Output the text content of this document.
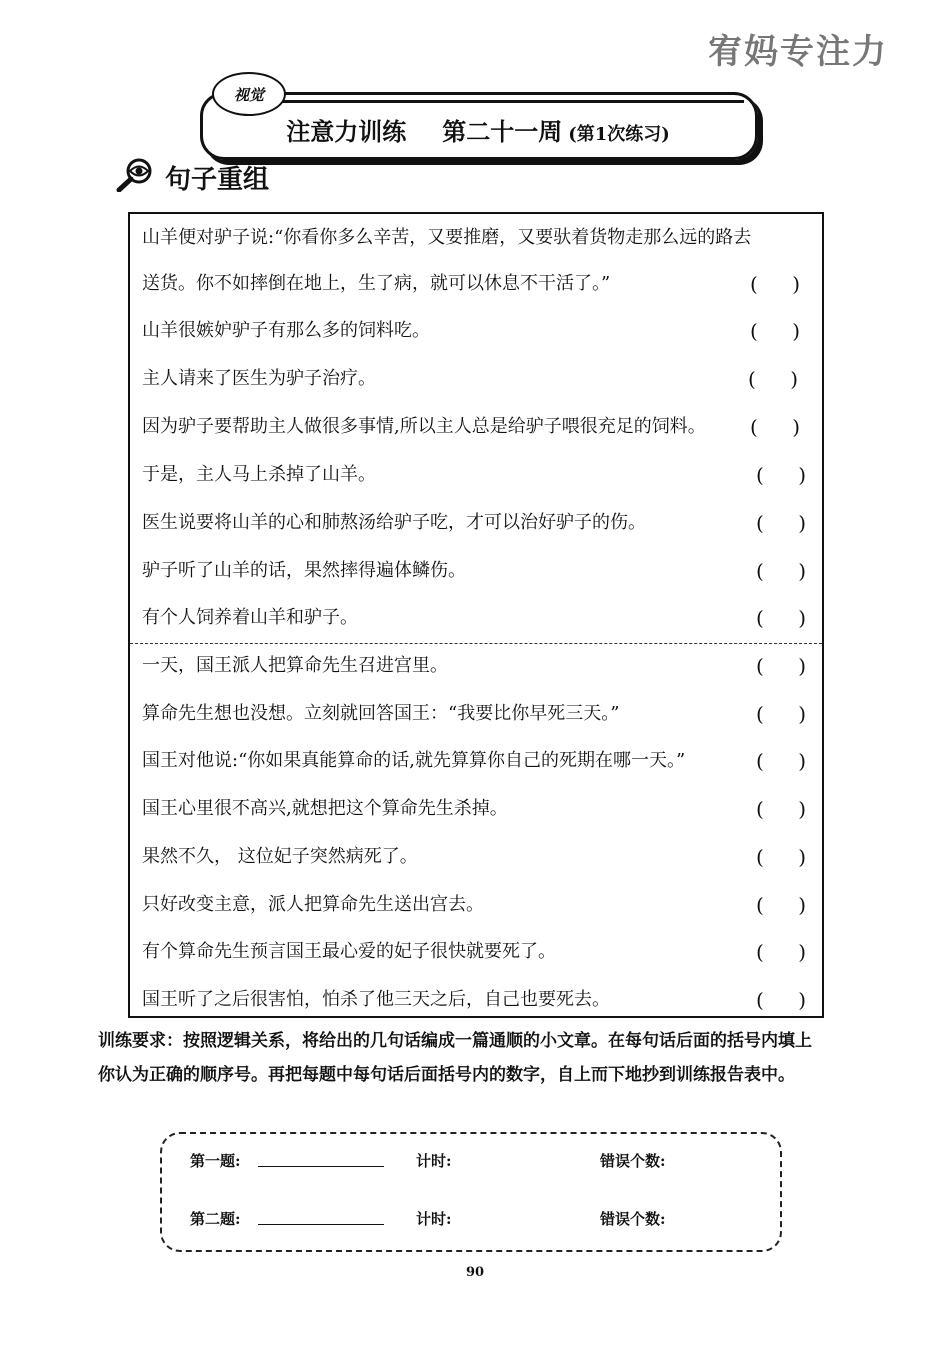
宥妈专注力
视觉
注意力训练 第二十一周 (第1次练习)
句子重组
山羊便对驴子说:“你看你多么辛苦，又要推磨，又要驮着货物走那么远的路去
送货。你不如摔倒在地上，生了病，就可以休息不干活了。”	( )
山羊很嫉妒驴子有那么多的饲料吃。	( )
主人请来了医生为驴子治疗。	( )
因为驴子要帮助主人做很多事情,所以主人总是给驴子喂很充足的饲料。 ( )
于是，主人马上杀掉了山羊。	( )
医生说要将山羊的心和肺熬汤给驴子吃，才可以治好驴子的伤。	( )
驴子听了山羊的话，果然摔得遍体鳞伤。	( )
有个人饲养着山羊和驴子。	( )
一天，国王派人把算命先生召进宫里。	( )
算命先生想也没想。立刻就回答国王：“我要比你早死三天。”	( )
国王对他说:“你如果真能算命的话,就先算算你自己的死期在哪一天。”	( )
国王心里很不高兴,就想把这个算命先生杀掉。	( )
果然不久， 这位妃子突然病死了。	( )
只好改变主意，派人把算命先生送出宫去。	( )
有个算命先生预言国王最心爱的妃子很快就要死了。	( )
国王听了之后很害怕，怕杀了他三天之后，自己也要死去。	( )
训练要求：按照逻辑关系，将给出的几句话编成一篇通顺的小文章。在每句话后面的括号内填上你认为正确的顺序号。再把每题中每句话后面括号内的数字，自上而下地抄到训练报告表中。
第一题:	计时:	错误个数:
第二题:	计时:	错误个数:
90
